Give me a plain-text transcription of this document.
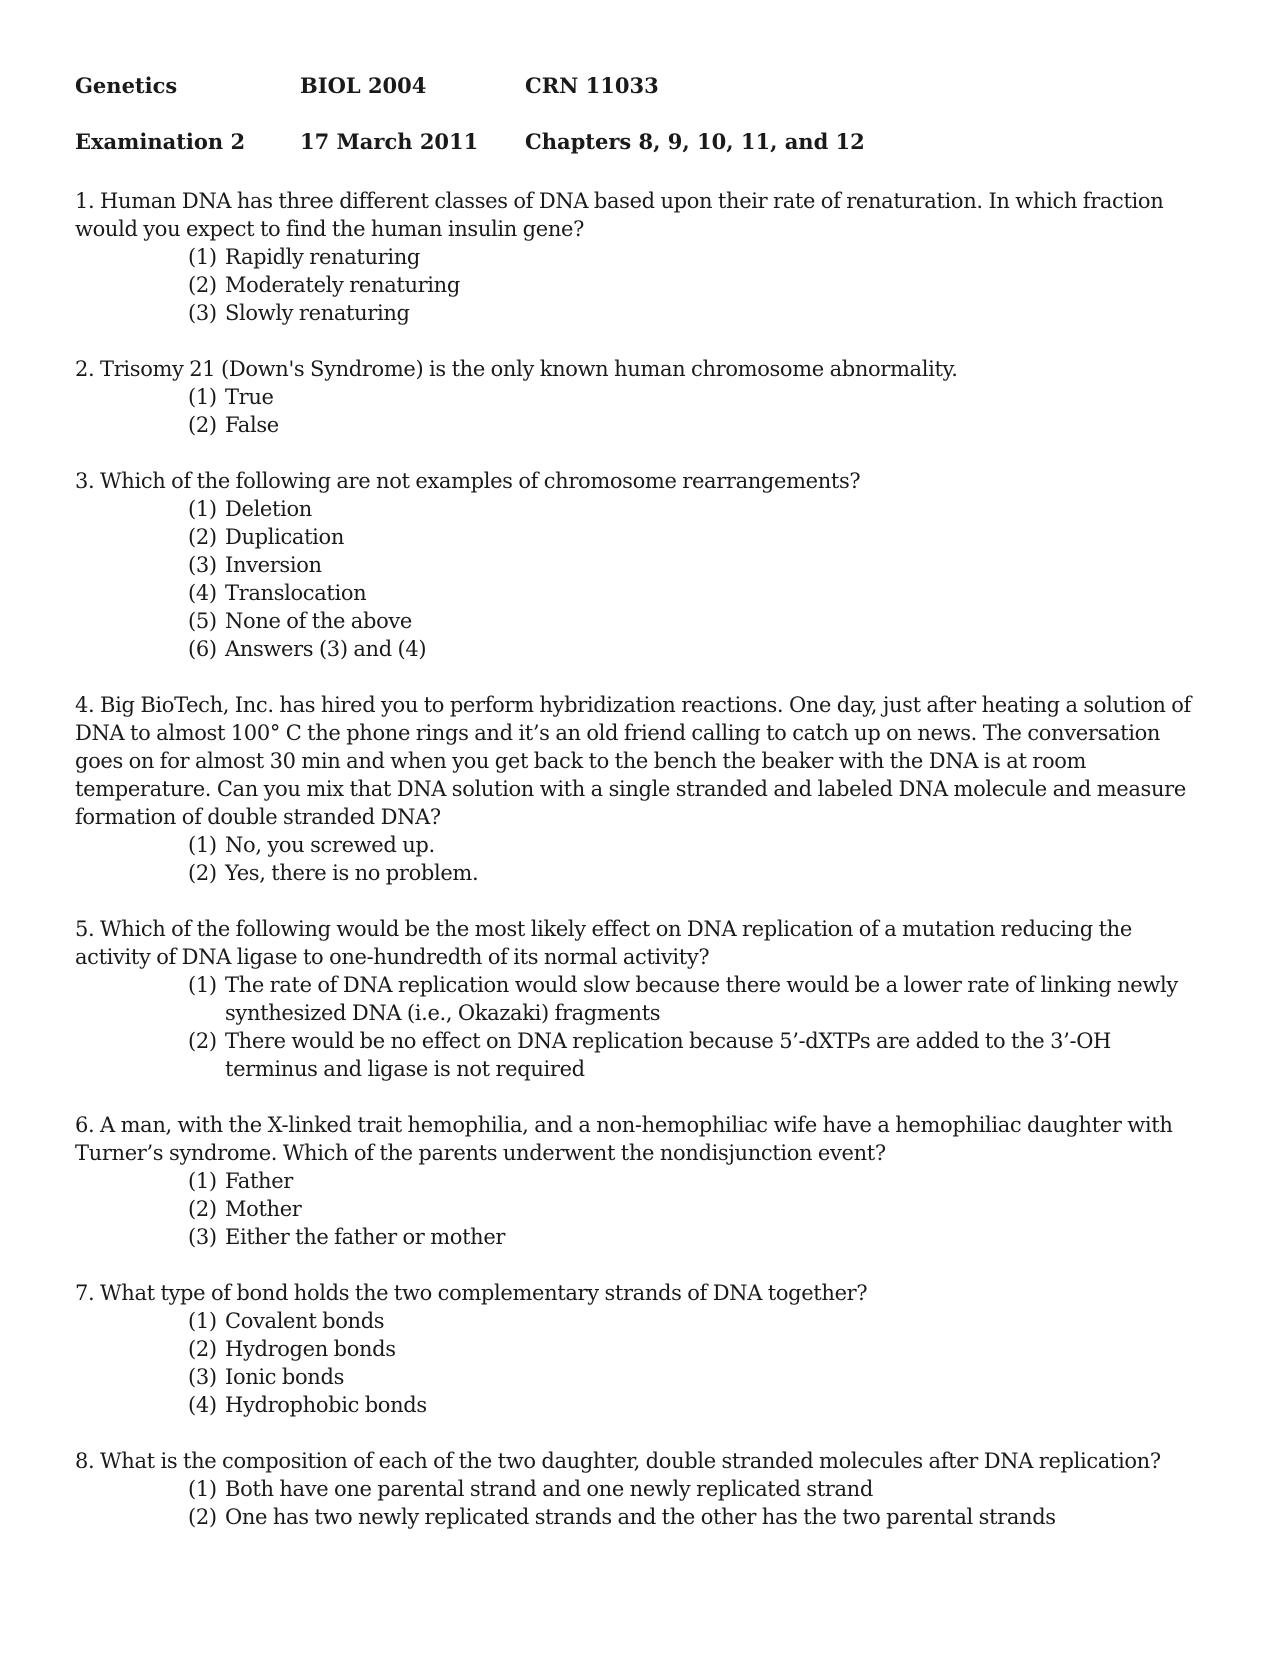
Genetics	BIOL 2004	CRN 11033
Examination 2	17 March 2011 Chapters 8, 9, 10, 11, and 12

1. Human DNA has three different classes of DNA based upon their rate of renaturation. In which fraction would you expect to find the human insulin gene?

(1) Rapidly renaturing
(2) Moderately renaturing
(3) Slowly renaturing

2. Trisomy 21 (Down's Syndrome) is the only known human chromosome abnormality.

(1) True
(2) False

3. Which of the following are not examples of chromosome rearrangements?

(1) Deletion
(2) Duplication
(3) Inversion
(4) Translocation
(5) None of the above
(6) Answers (3) and (4)

4. Big BioTech, Inc. has hired you to perform hybridization reactions. One day, just after heating a solution of DNA to almost 100° C the phone rings and it’s an old friend calling to catch up on news. The conversation goes on for almost 30 min and when you get back to the bench the beaker with the DNA is at room temperature. Can you mix that DNA solution with a single stranded and labeled DNA molecule and measure formation of double stranded DNA?

(1) No, you screwed up.
(2) Yes, there is no problem.

5. Which of the following would be the most likely effect on DNA replication of a mutation reducing the activity of DNA ligase to one-hundredth of its normal activity?

(1) The rate of DNA replication would slow because there would be a lower rate of linking newly synthesized DNA (i.e., Okazaki) fragments
(2) There would be no effect on DNA replication because 5’-dXTPs are added to the 3’-OH terminus and ligase is not required

6. A man, with the X-linked trait hemophilia, and a non-hemophiliac wife have a hemophiliac daughter with Turner’s syndrome. Which of the parents underwent the nondisjunction event?

(1) Father
(2) Mother
(3) Either the father or mother

7. What type of bond holds the two complementary strands of DNA together?

(1) Covalent bonds
(2) Hydrogen bonds
(3) Ionic bonds
(4) Hydrophobic bonds

8. What is the composition of each of the two daughter, double stranded molecules after DNA replication?

(1) Both have one parental strand and one newly replicated strand
(2) One has two newly replicated strands and the other has the two parental strands
